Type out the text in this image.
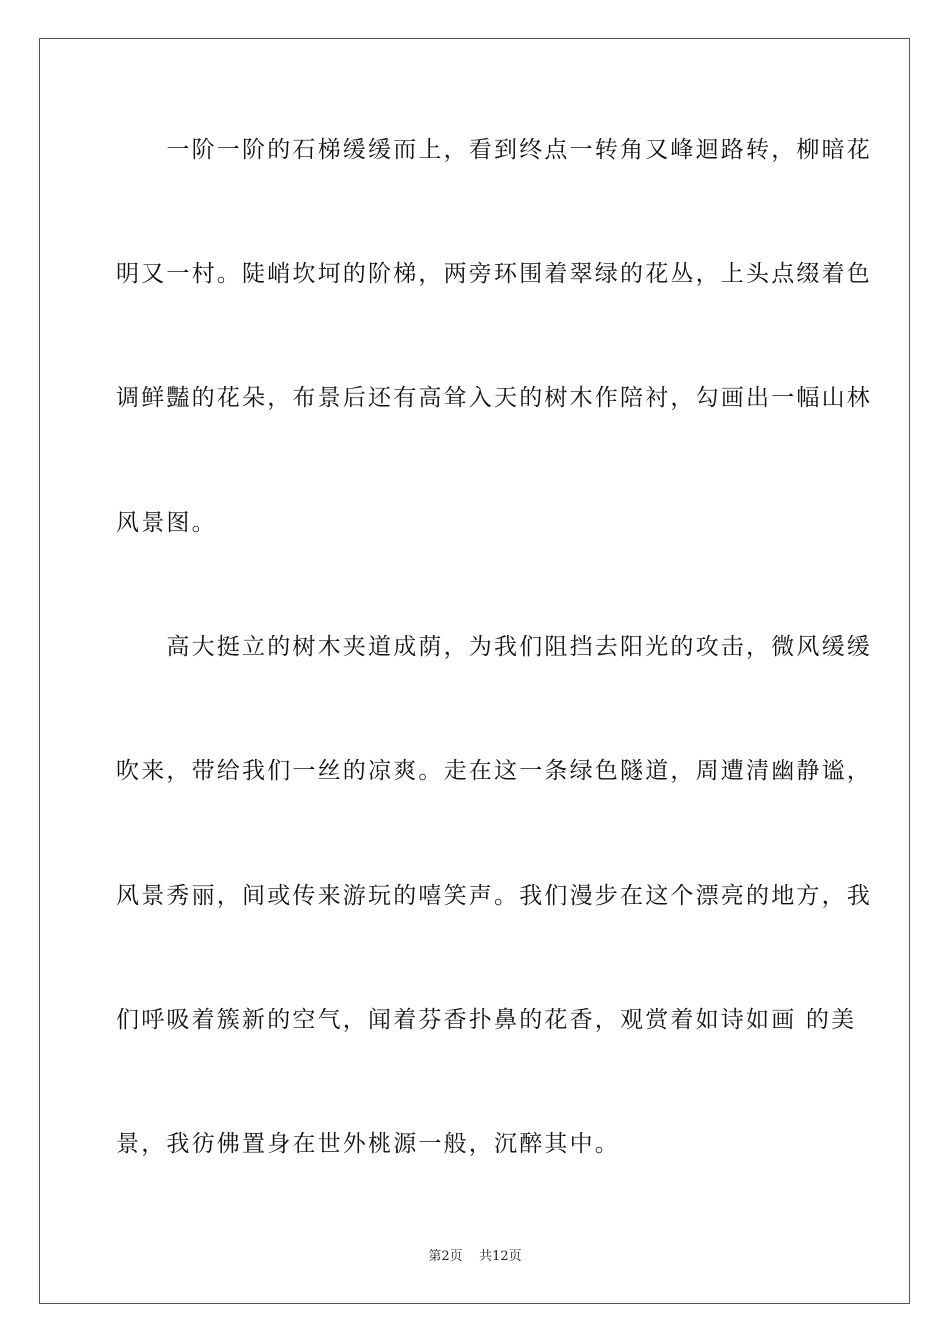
　　一阶一阶的石梯缓缓而上，看到终点一转角又峰迴路转，柳暗花
明又一村。陡峭坎坷的阶梯，两旁环围着翠绿的花丛，上头点缀着色
调鲜豔的花朵，布景后还有高耸入天的树木作陪衬，勾画出一幅山林
风景图。
　　高大挺立的树木夹道成荫，为我们阻挡去阳光的攻击，微风缓缓
吹来，带给我们一丝的凉爽。走在这一条绿色隧道，周遭清幽静谧，
风景秀丽，间或传来游玩的嘻笑声。我们漫步在这个漂亮的地方，我
们呼吸着簇新的空气，闻着芬香扑鼻的花香，观赏着如诗如画 的美
景，我彷佛置身在世外桃源一般，沉醉其中。
第2页 共12页
